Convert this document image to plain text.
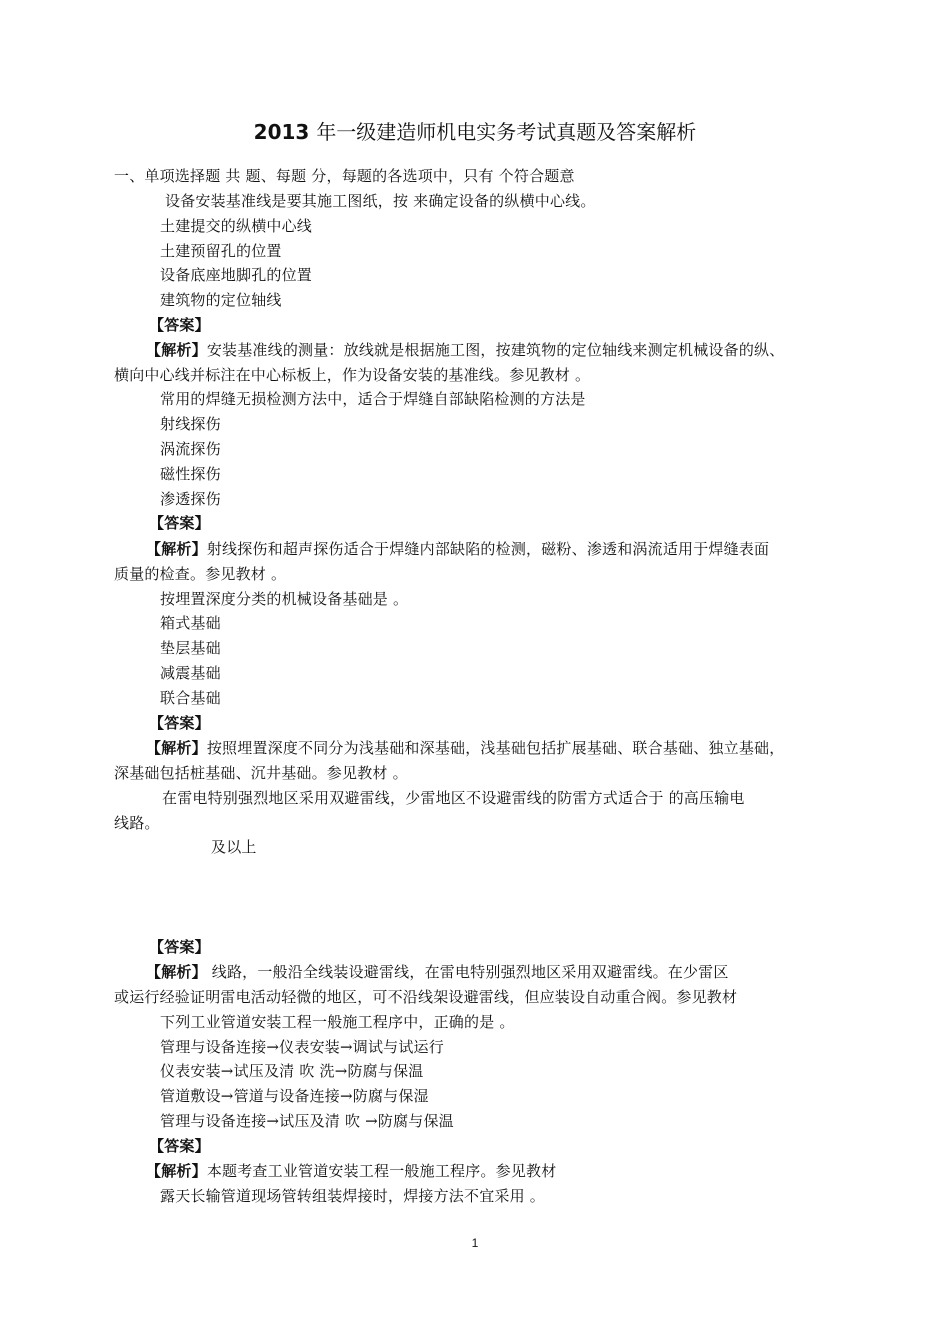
2013 年一级建造师机电实务考试真题及答案解析
一、单项选择题 共 题、每题 分，每题的各选项中，只有 个符合题意
设备安装基准线是要其施工图纸，按 来确定设备的纵横中心线。
土建提交的纵横中心线
土建预留孔的位置
设备底座地脚孔的位置
建筑物的定位轴线
【答案】
【解析】安装基准线的测量：放线就是根据施工图，按建筑物的定位轴线来测定机械设备的纵、
横向中心线并标注在中心标板上，作为设备安装的基准线。参见教材 。
常用的焊缝无损检测方法中，适合于焊缝自部缺陷检测的方法是
射线探伤
涡流探伤
磁性探伤
渗透探伤
【答案】
【解析】射线探伤和超声探伤适合于焊缝内部缺陷的检测，磁粉、渗透和涡流适用于焊缝表面
质量的检查。参见教材 。
按埋置深度分类的机械设备基础是 。
箱式基础
垫层基础
减震基础
联合基础
【答案】
【解析】按照埋置深度不同分为浅基础和深基础，浅基础包括扩展基础、联合基础、独立基础，
深基础包括桩基础、沉井基础。参见教材 。
在雷电特别强烈地区采用双避雷线，少雷地区不设避雷线的防雷方式适合于 的高压输电
线路。
及以上
【答案】
【解析】 线路，一般沿全线装设避雷线，在雷电特别强烈地区采用双避雷线。在少雷区
或运行经验证明雷电活动轻微的地区，可不沿线架设避雷线，但应装设自动重合阀。参见教材
下列工业管道安装工程一般施工程序中，正确的是 。
管理与设备连接→仪表安装→调试与试运行
仪表安装→试压及清 吹 洗→防腐与保温
管道敷设→管道与设备连接→防腐与保湿
管理与设备连接→试压及清 吹 →防腐与保温
【答案】
【解析】本题考查工业管道安装工程一般施工程序。参见教材
露天长输管道现场管转组装焊接时，焊接方法不宜采用 。
1
